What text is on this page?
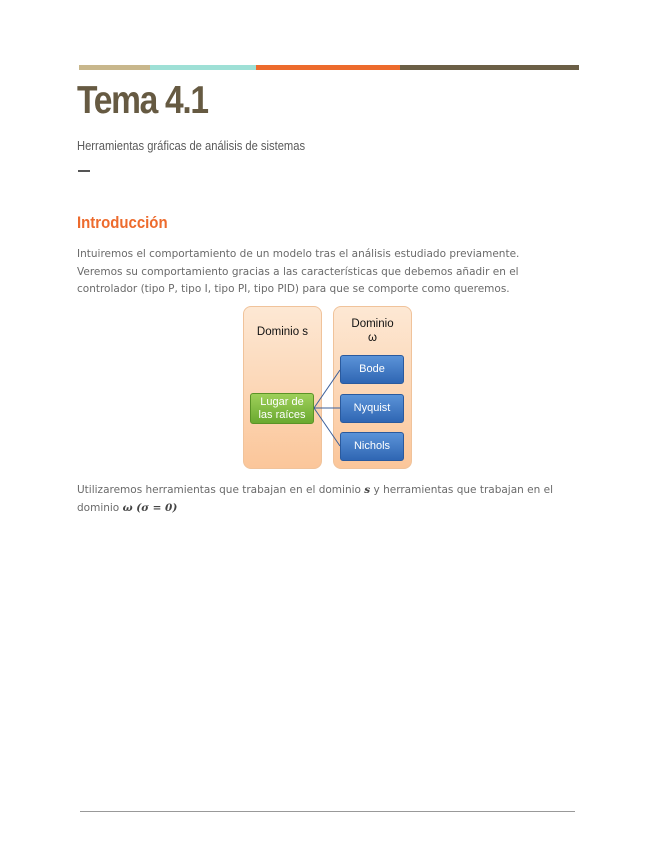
Tema 4.1
Herramientas gráficas de análisis de sistemas
Introducción
Intuiremos el comportamiento de un modelo tras el análisis estudiado previamente.
Veremos su comportamiento gracias a las características que debemos añadir en el
controlador (tipo P, tipo I, tipo PI, tipo PID) para que se comporte como queremos.
Dominio s
Dominio
ω
Lugar de
las raíces
Bode
Nyquist
Nichols
Utilizaremos herramientas que trabajan en el dominio s y herramientas que trabajan en el
dominio ω (σ = 0)
